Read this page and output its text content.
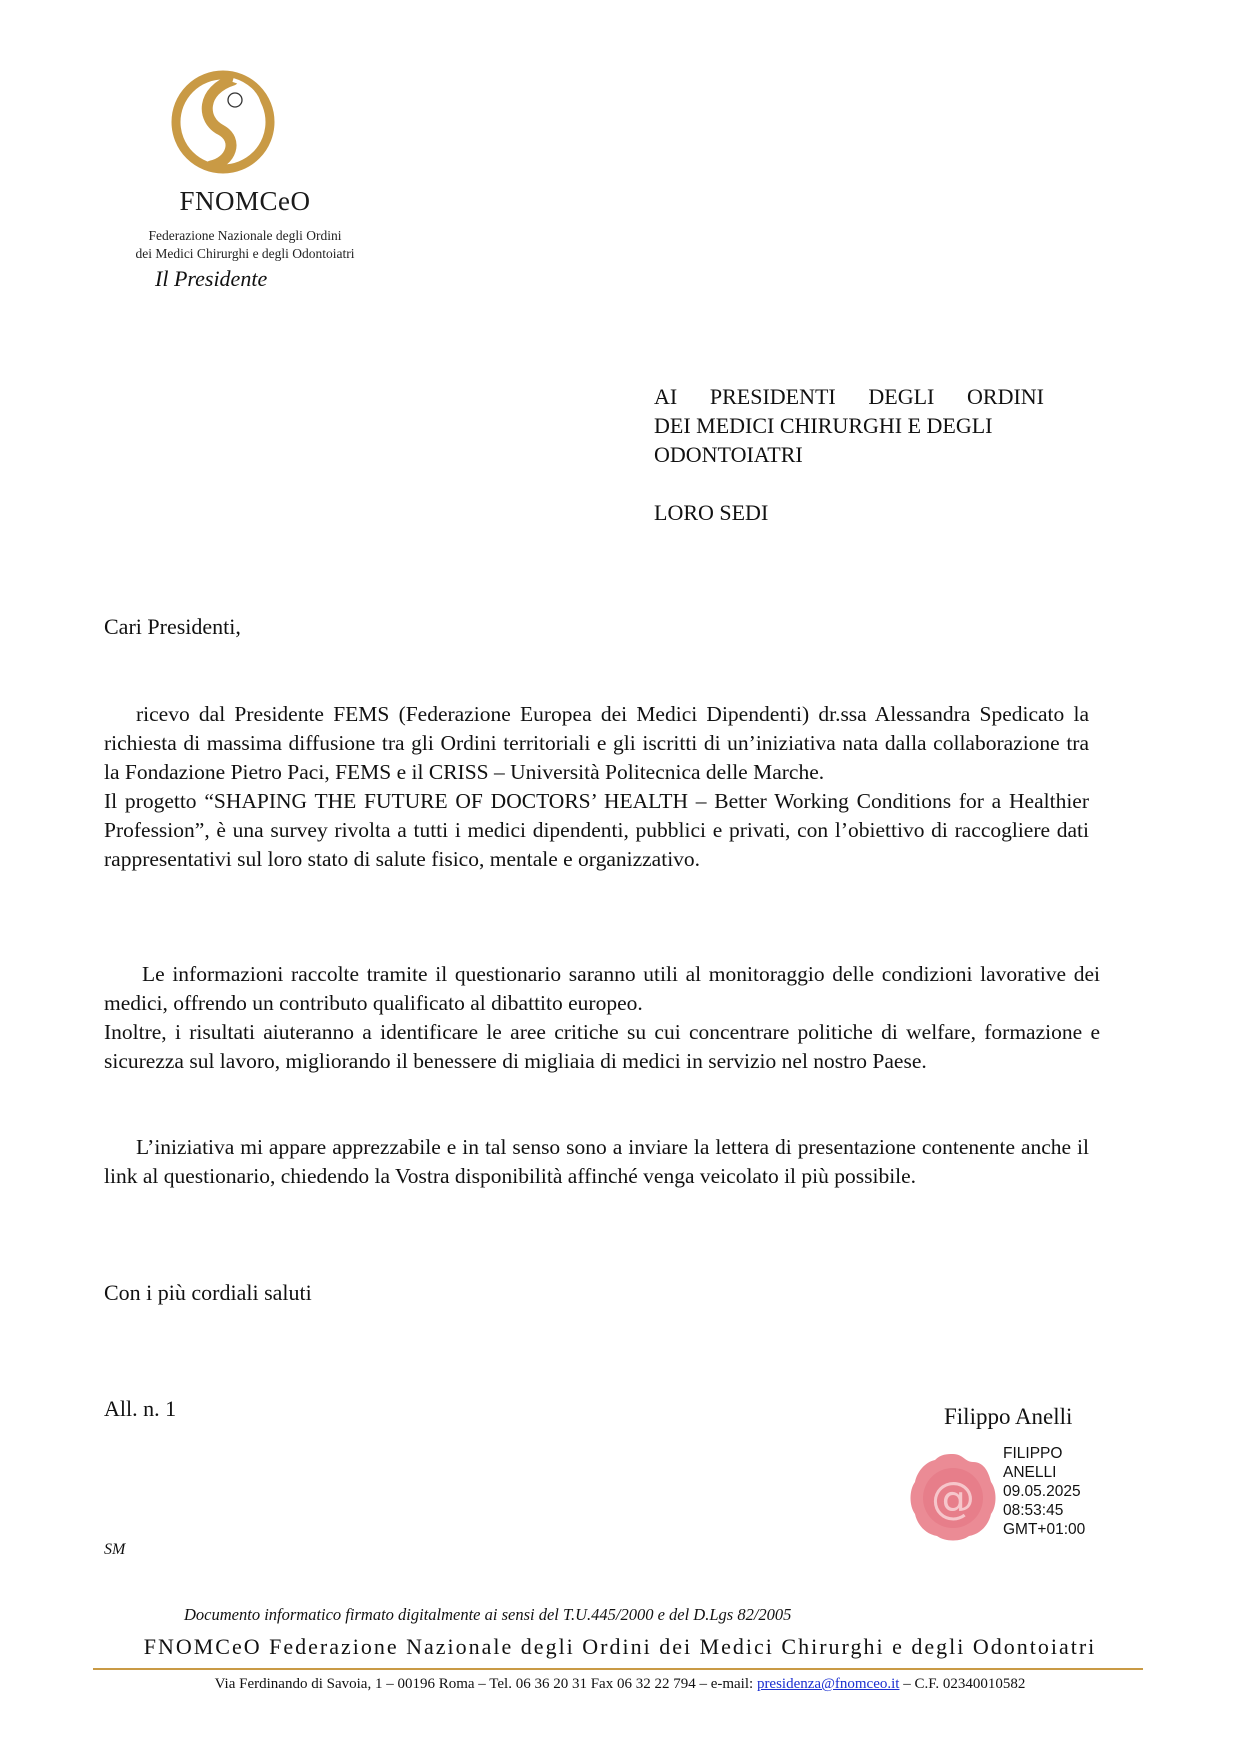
FNOMCeO
Federazione Nazionale degli Ordini
dei Medici Chirurghi e degli Odontoiatri
Il Presidente
AI PRESIDENTI DEGLI ORDINI
DEI MEDICI CHIRURGHI E DEGLI
ODONTOIATRI
LORO SEDI
Cari Presidenti,

ricevo dal Presidente FEMS (Federazione Europea dei Medici Dipendenti) dr.ssa Alessandra Spedicato la richiesta di massima diffusione tra gli Ordini territoriali e gli iscritti di un’iniziativa nata dalla collaborazione tra la Fondazione Pietro Paci, FEMS e il CRISS – Università Politecnica delle Marche.

Il progetto “SHAPING THE FUTURE OF DOCTORS’ HEALTH – Better Working Conditions for a Healthier Profession”, è una survey rivolta a tutti i medici dipendenti, pubblici e privati, con l’obiettivo di raccogliere dati rappresentativi sul loro stato di salute fisico, mentale e organizzativo.

Le informazioni raccolte tramite il questionario saranno utili al monitoraggio delle condizioni lavorative dei medici, offrendo un contributo qualificato al dibattito europeo.

Inoltre, i risultati aiuteranno a identificare le aree critiche su cui concentrare politiche di welfare, formazione e sicurezza sul lavoro, migliorando il benessere di migliaia di medici in servizio nel nostro Paese.

L’iniziativa mi appare apprezzabile e in tal senso sono a inviare la lettera di presentazione contenente anche il link al questionario, chiedendo la Vostra disponibilità affinché venga veicolato il più possibile.

Con i più cordiali saluti
All. n. 1	Filippo Anelli
@
FILIPPO
ANELLI
09.05.2025
08:53:45
GMT+01:00
SM
Documento informatico firmato digitalmente ai sensi del T.U.445/2000 e del D.Lgs 82/2005
FNOMCeO Federazione Nazionale degli Ordini dei Medici Chirurghi e degli Odontoiatri
Via Ferdinando di Savoia, 1 – 00196 Roma – Tel. 06 36 20 31 Fax 06 32 22 794 – e-mail: presidenza@fnomceo.it – C.F. 02340010582
